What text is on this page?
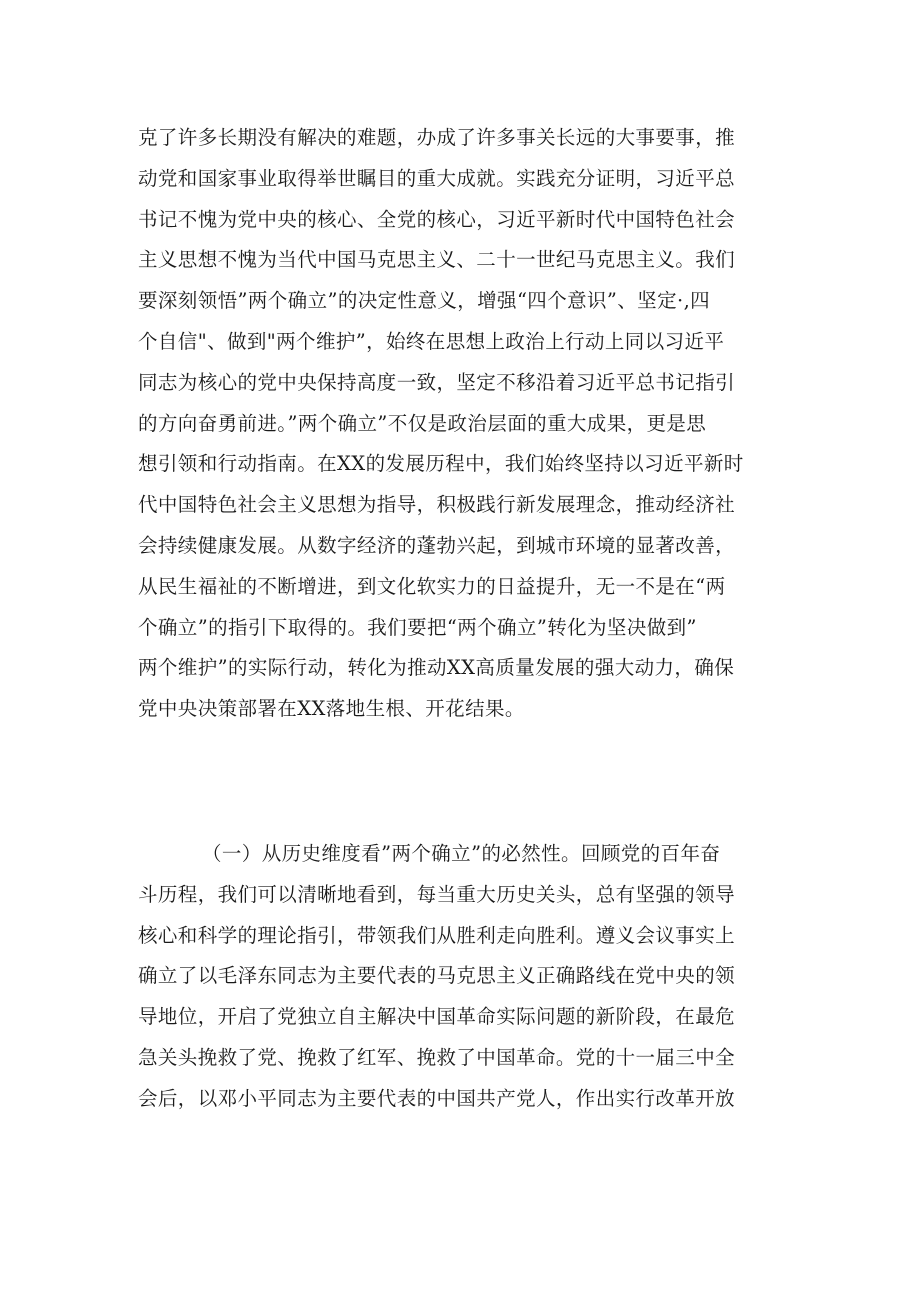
克了许多长期没有解决的难题，办成了许多事关长远的大事要事，推
动党和国家事业取得举世瞩目的重大成就。实践充分证明，习近平总
书记不愧为党中央的核心、全党的核心，习近平新时代中国特色社会
主义思想不愧为当代中国马克思主义、二十一世纪马克思主义。我们
要深刻领悟”两个确立”的决定性意义，增强“四个意识”、坚定·,四
个自信"、做到"两个维护”，始终在思想上政治上行动上同以习近平
同志为核心的党中央保持高度一致，坚定不移沿着习近平总书记指引
的方向奋勇前进。”两个确立”不仅是政治层面的重大成果，更是思
想引领和行动指南。在XX的发展历程中，我们始终坚持以习近平新时
代中国特色社会主义思想为指导，积极践行新发展理念，推动经济社
会持续健康发展。从数字经济的蓬勃兴起，到城市环境的显著改善，
从民生福祉的不断增进，到文化软实力的日益提升，无一不是在“两
个确立”的指引下取得的。我们要把“两个确立”转化为坚决做到”
两个维护”的实际行动，转化为推动XX高质量发展的强大动力，确保
党中央决策部署在XX落地生根、开花结果。
（一）从历史维度看”两个确立”的必然性。回顾党的百年奋
斗历程，我们可以清晰地看到，每当重大历史关头，总有坚强的领导
核心和科学的理论指引，带领我们从胜利走向胜利。遵义会议事实上
确立了以毛泽东同志为主要代表的马克思主义正确路线在党中央的领
导地位，开启了党独立自主解决中国革命实际问题的新阶段，在最危
急关头挽救了党、挽救了红军、挽救了中国革命。党的十一届三中全
会后，以邓小平同志为主要代表的中国共产党人，作出实行改革开放
